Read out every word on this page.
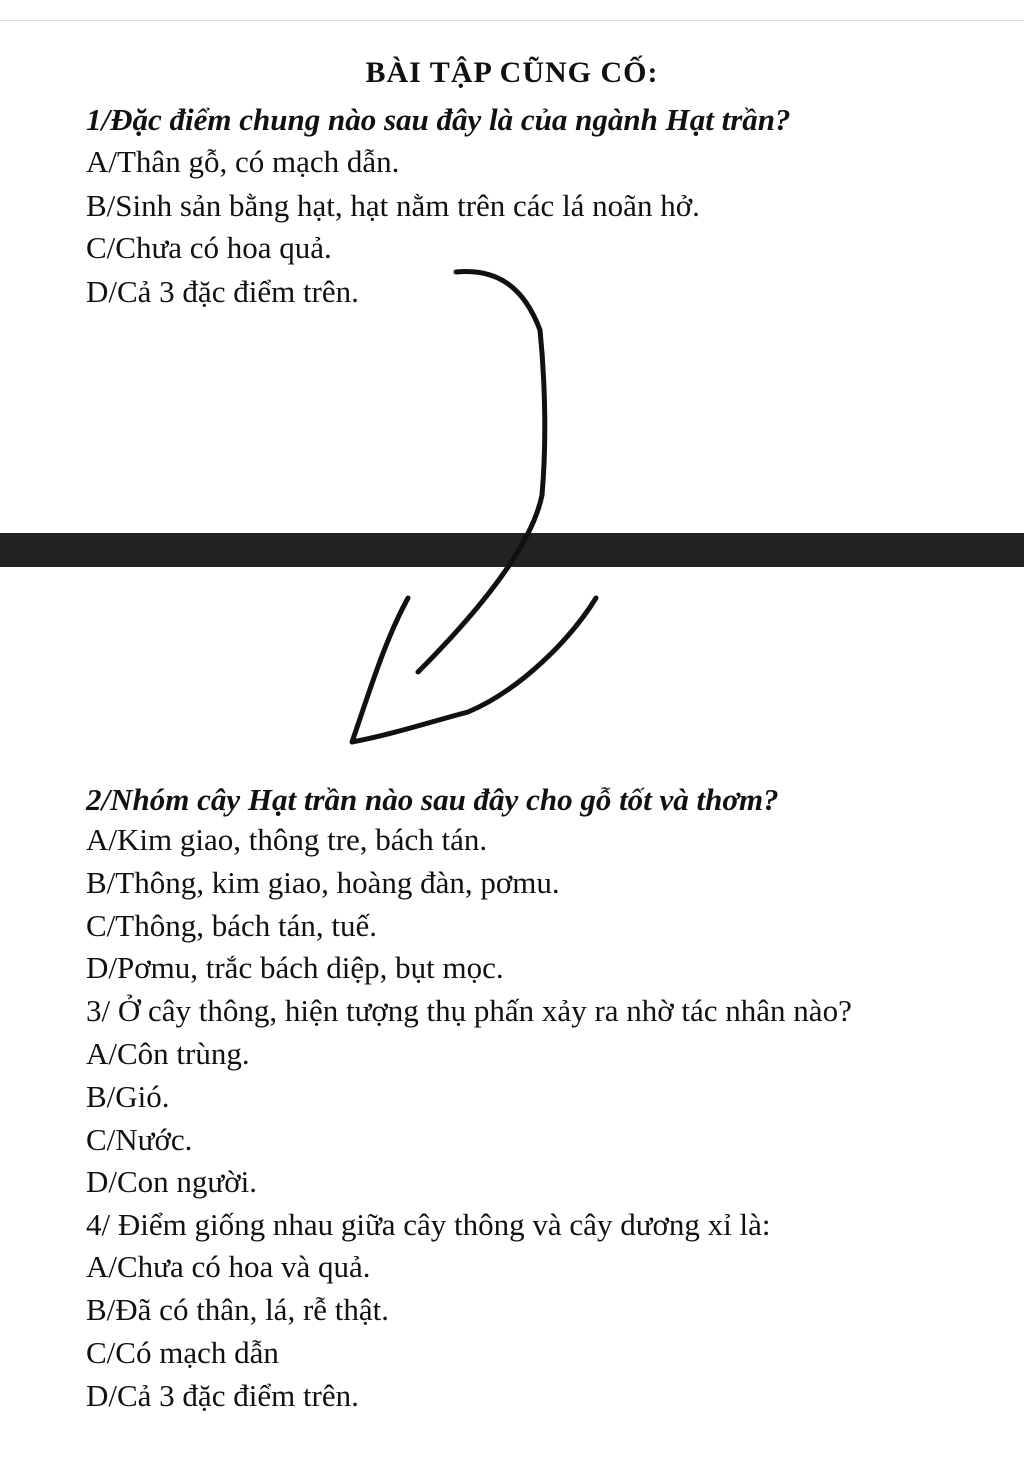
BÀI TẬP CŨNG CỐ:
1/Đặc điểm chung nào sau đây là của ngành Hạt trần?
A/Thân gỗ, có mạch dẫn.
B/Sinh sản bằng hạt, hạt nằm trên các lá noãn hở.
C/Chưa có hoa quả.
D/Cả 3 đặc điểm trên.
2/Nhóm cây Hạt trần nào sau đây cho gỗ tốt và thơm?
A/Kim giao, thông tre, bách tán.
B/Thông, kim giao, hoàng đàn, pơmu.
C/Thông, bách tán, tuế.
D/Pơmu, trắc bách diệp, bụt mọc.
3/ Ở cây thông, hiện tượng thụ phấn xảy ra nhờ tác nhân nào?
A/Côn trùng.
B/Gió.
C/Nước.
D/Con người.
4/ Điểm giống nhau giữa cây thông và cây dương xỉ là:
A/Chưa có hoa và quả.
B/Đã có thân, lá, rễ thật.
C/Có mạch dẫn
D/Cả 3 đặc điểm trên.
